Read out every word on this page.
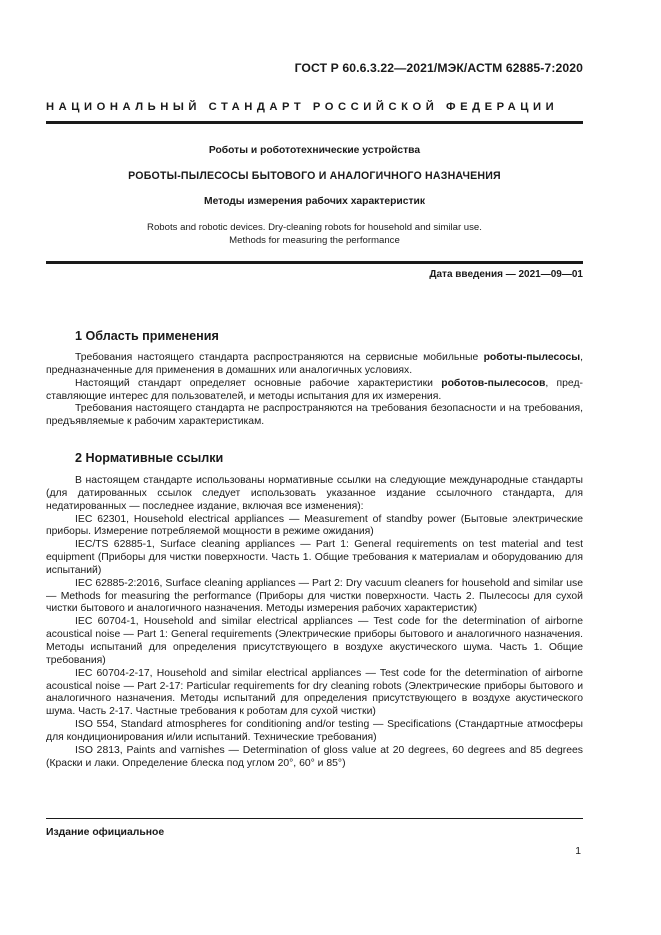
ГОСТ Р 60.6.3.22—2021/МЭК/АСТМ 62885-7:2020
НАЦИОНАЛЬНЫЙ СТАНДАРТ РОССИЙСКОЙ ФЕДЕРАЦИИ
Роботы и робототехнические устройства
РОБОТЫ-ПЫЛЕСОСЫ БЫТОВОГО И АНАЛОГИЧНОГО НАЗНАЧЕНИЯ
Методы измерения рабочих характеристик
Robots and robotic devices. Dry-cleaning robots for household and similar use.
Methods for measuring the performance
Дата введения — 2021—09—01
1 Область применения

Требования настоящего стандарта распространяются на сервисные мобильные роботы-пылесосы, предназначенные для применения в домашних или аналогичных условиях.

Настоящий стандарт определяет основные рабочие характеристики роботов-пылесосов, представляющие интерес для пользователей, и методы испытания для их измерения.

Требования настоящего стандарта не распространяются на требования безопасности и на требования, предъявляемые к рабочим характеристикам.

2 Нормативные ссылки

В настоящем стандарте использованы нормативные ссылки на следующие международные стандарты (для датированных ссылок следует использовать указанное издание ссылочного стандарта, для недатированных — последнее издание, включая все изменения):

IEC 62301, Household electrical appliances — Measurement of standby power (Бытовые электрические приборы. Измерение потребляемой мощности в режиме ожидания)

IEC/TS 62885-1, Surface cleaning appliances — Part 1: General requirements on test material and test equipment (Приборы для чистки поверхности. Часть 1. Общие требования к материалам и оборудованию для испытаний)

IEC 62885-2:2016, Surface cleaning appliances — Part 2: Dry vacuum cleaners for household and similar use — Methods for measuring the performance (Приборы для чистки поверхности. Часть 2. Пылесосы для сухой чистки бытового и аналогичного назначения. Методы измерения рабочих характеристик)

IEC 60704-1, Household and similar electrical appliances — Test code for the determination of airborne acoustical noise — Part 1: General requirements (Электрические приборы бытового и аналогичного назначения. Методы испытаний для определения присутствующего в воздухе акустического шума. Часть 1. Общие требования)

IEC 60704-2-17, Household and similar electrical appliances — Test code for the determination of airborne acoustical noise — Part 2-17: Particular requirements for dry cleaning robots (Электрические приборы бытового и аналогичного назначения. Методы испытаний для определения присутствующего в воздухе акустического шума. Часть 2-17. Частные требования к роботам для сухой чистки)

ISO 554, Standard atmospheres for conditioning and/or testing — Specifications (Стандартные атмосферы для кондиционирования и/или испытаний. Технические требования)

ISO 2813, Paints and varnishes — Determination of gloss value at 20 degrees, 60 degrees and 85 degrees (Краски и лаки. Определение блеска под углом 20°, 60° и 85°)

Издание официальное
1
